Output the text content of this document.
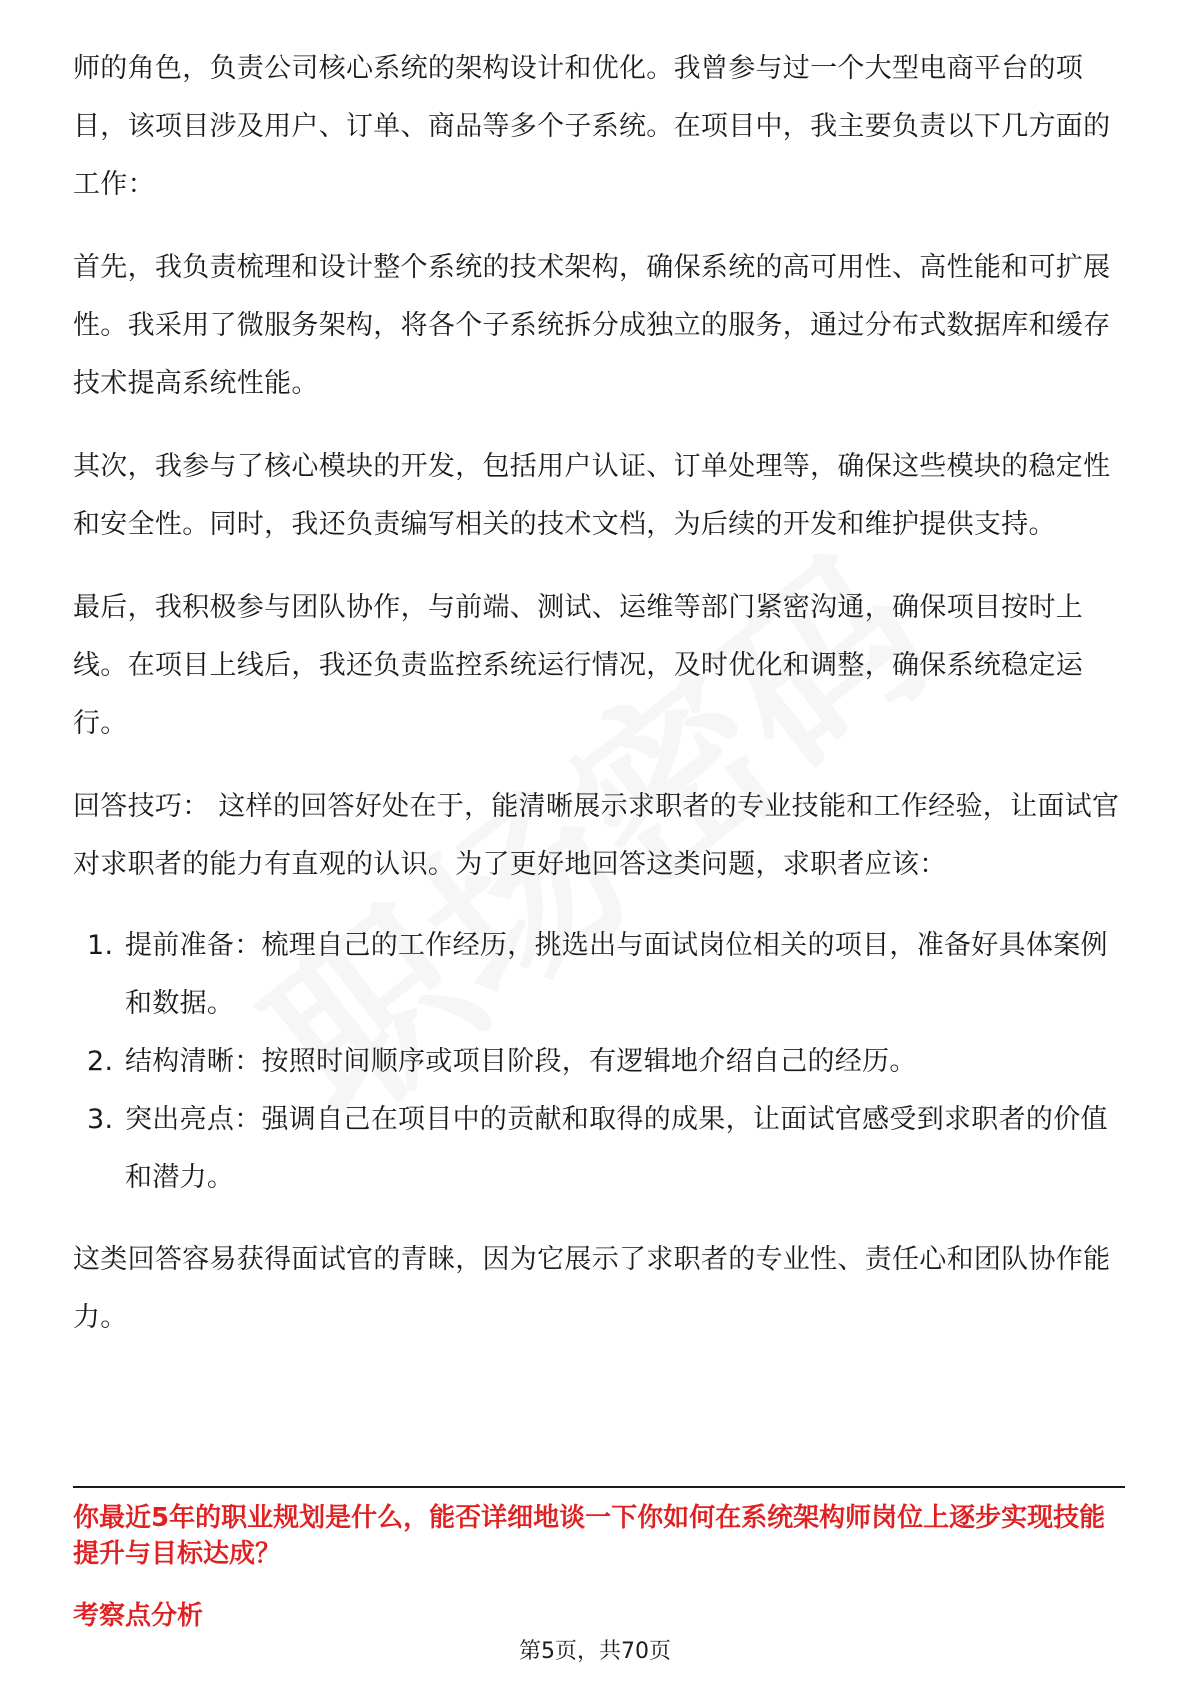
师的角色，负责公司核心系统的架构设计和优化。我曾参与过一个大型电商平台的项目，该项目涉及用户、订单、商品等多个子系统。在项目中，我主要负责以下几方面的工作：

首先，我负责梳理和设计整个系统的技术架构，确保系统的高可用性、高性能和可扩展性。我采用了微服务架构，将各个子系统拆分成独立的服务，通过分布式数据库和缓存技术提高系统性能。

其次，我参与了核心模块的开发，包括用户认证、订单处理等，确保这些模块的稳定性和安全性。同时，我还负责编写相关的技术文档，为后续的开发和维护提供支持。

最后，我积极参与团队协作，与前端、测试、运维等部门紧密沟通，确保项目按时上线。在项目上线后，我还负责监控系统运行情况，及时优化和调整，确保系统稳定运行。

回答技巧： 这样的回答好处在于，能清晰展示求职者的专业技能和工作经验，让面试官对求职者的能力有直观的认识。为了更好地回答这类问题，求职者应该：

1. 提前准备：梳理自己的工作经历，挑选出与面试岗位相关的项目，准备好具体案例和数据。
2. 结构清晰：按照时间顺序或项目阶段，有逻辑地介绍自己的经历。
3. 突出亮点：强调自己在项目中的贡献和取得的成果，让面试官感受到求职者的价值和潜力。

这类回答容易获得面试官的青睐，因为它展示了求职者的专业性、责任心和团队协作能力。

你最近5年的职业规划是什么，能否详细地谈一下你如何在系统架构师岗位上逐步实现技能提升与目标达成？

考察点分析

第5页，共70页
